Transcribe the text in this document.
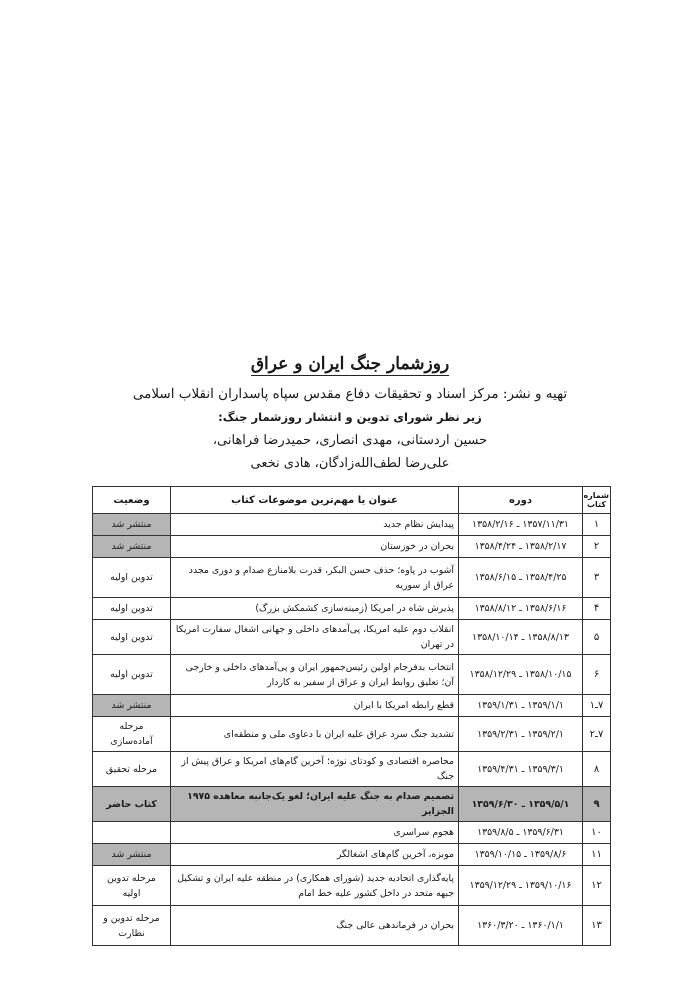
روزشمار جنگ ایران و عراق
تهیه و نشر: مرکز اسناد و تحقیقات دفاع مقدس سپاه پاسداران انقلاب اسلامی
زیر نظر شورای تدوین و انتشار روزشمار جنگ:
حسین اردستانی، مهدی انصاری، حمیدرضا فراهانی،
علی‌رضا لطف‌الله‌زادگان، هادی نخعی
شماره کتاب	دوره	عنوان یا مهم‌ترین موضوعات کتاب	وضعیت
۱	۱۳۵۷/۱۱/۳۱ ـ ۱۳۵۸/۲/۱۶	پیدایش نظام جدید	منتشر شد
۲	۱۳۵۸/۲/۱۷ ـ ۱۳۵۸/۴/۲۴	بحران در خوزستان	منتشر شد
۳	۱۳۵۸/۴/۲۵ ـ ۱۳۵۸/۶/۱۵	آشوب در پاوه؛ حذف حسن البکر، قدرت بلامنازع صدام و دوری مجدد عراق از سوریه	تدوین اولیه
۴	۱۳۵۸/۶/۱۶ ـ ۱۳۵۸/۸/۱۲	پذیرش شاه در امریکا (زمینه‌سازی کشمکش بزرگ)	تدوین اولیه
۵	۱۳۵۸/۸/۱۳ ـ ۱۳۵۸/۱۰/۱۴	انقلاب دوم علیه امریکا، پی‌آمدهای داخلی و جهانی اشغال سفارت امریکا در تهران	تدوین اولیه
۶	۱۳۵۸/۱۰/۱۵ ـ ۱۳۵۸/۱۲/۲۹	انتخاب بدفرجام اولین رئیس‌جمهور ایران و پی‌آمدهای داخلی و خارجی آن؛ تعلیق روابط ایران و عراق از سفیر به کاردار	تدوین اولیه
۷ـ۱	۱۳۵۹/۱/۱ ـ ۱۳۵۹/۱/۳۱	قطع رابطه امریکا با ایران	منتشر شد
۷ـ۲	۱۳۵۹/۲/۱ ـ ۱۳۵۹/۲/۳۱	تشدید جنگ سرد عراق علیه ایران با دعاوی ملی و منطقه‌ای	مرحله آماده‌سازی
۸	۱۳۵۹/۳/۱ ـ ۱۳۵۹/۴/۳۱	محاصره اقتصادی و کودتای نوژه؛ آخرین گام‌های امریکا و عراق پیش از جنگ	مرحله تحقیق
۹	۱۳۵۹/۵/۱ ـ ۱۳۵۹/۶/۳۰	تصمیم صدام به جنگ علیه ایران؛ لغو یک‌جانبه معاهده ۱۹۷۵ الجزایر	کتاب حاضر
۱۰	۱۳۵۹/۶/۳۱ ـ ۱۳۵۹/۸/۵	هجوم سراسری	
۱۱	۱۳۵۹/۸/۶ ـ ۱۳۵۹/۱۰/۱۵	موبزه، آخرین گام‌های اشغالگر	منتشر شد
۱۲	۱۳۵۹/۱۰/۱۶ ـ ۱۳۵۹/۱۲/۲۹	پایه‌گذاری اتحادیه جدید (شورای همکاری) در منطقه علیه ایران و تشکیل جبهه متحد در داخل کشور علیه خط امام	مرحله تدوین اولیه
۱۳	۱۳۶۰/۱/۱ ـ ۱۳۶۰/۳/۲۰	بحران در فرماندهی عالی جنگ	مرحله تدوین و نظارت
